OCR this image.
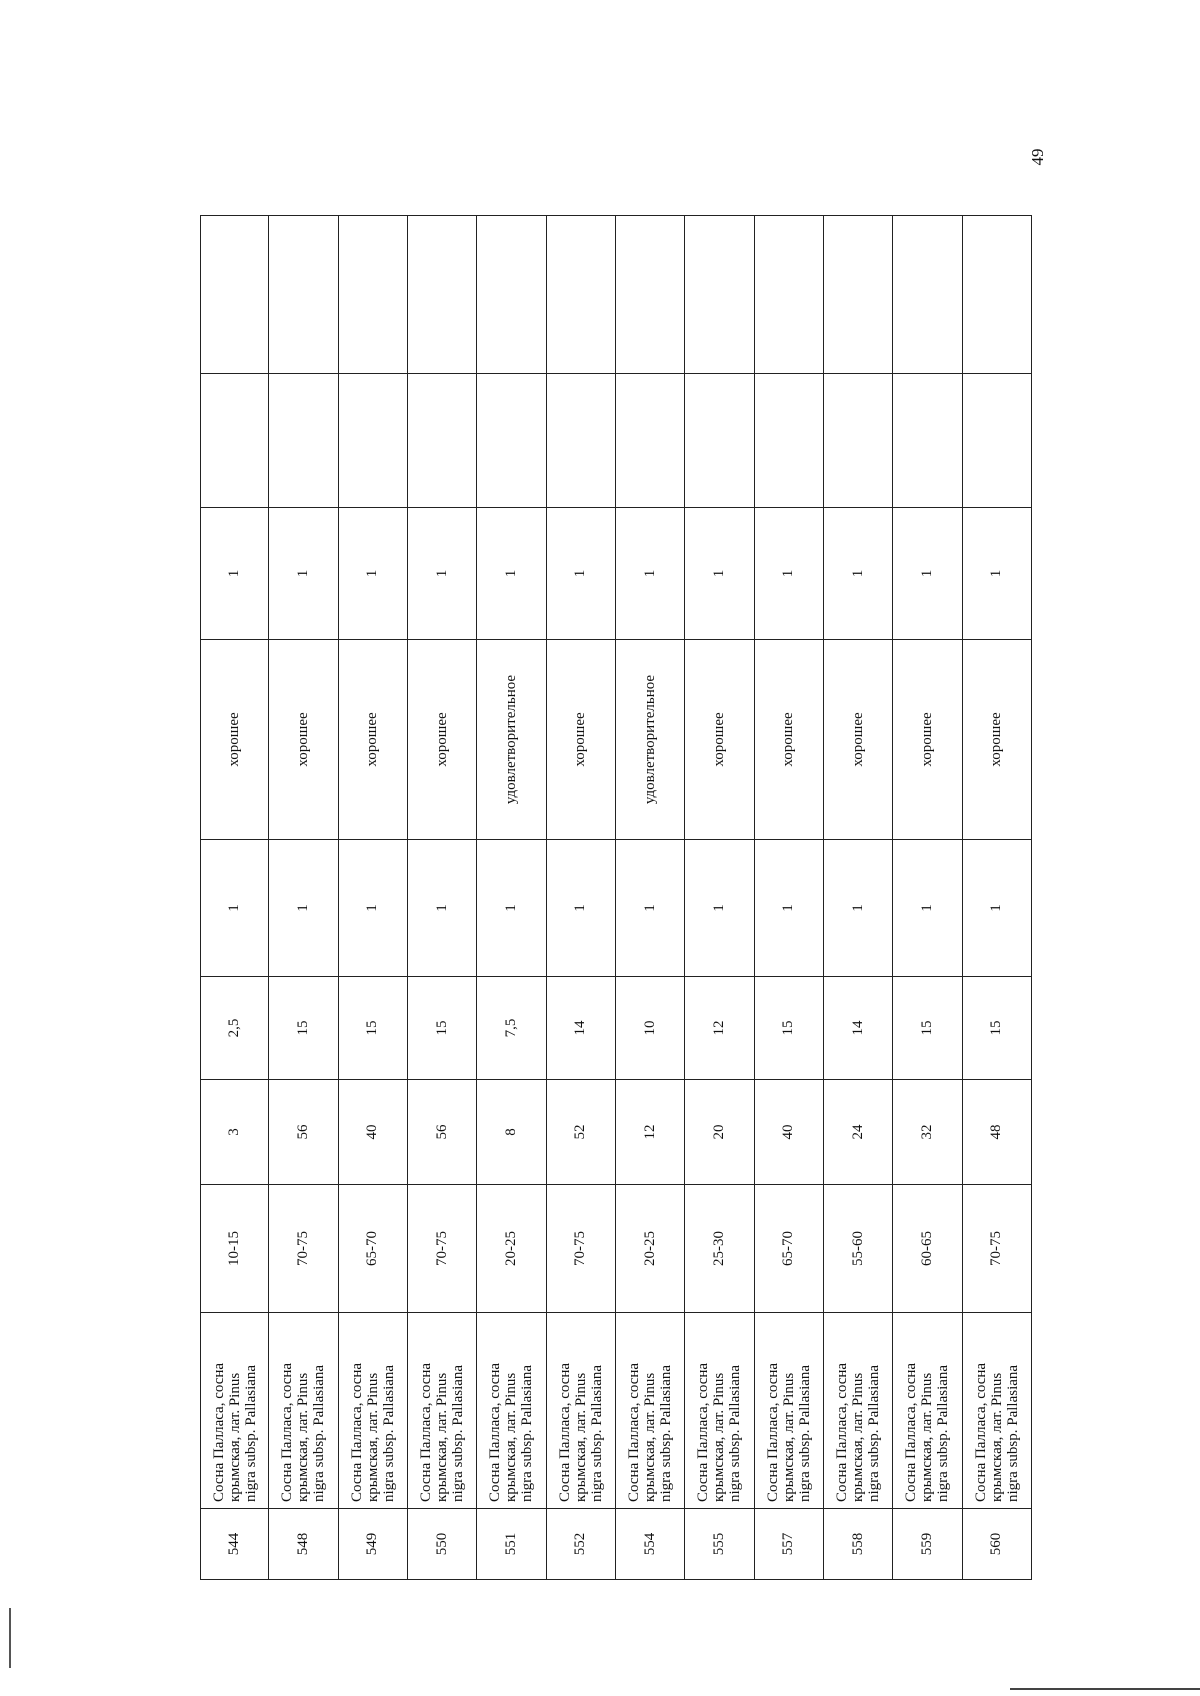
49
544	Сосна Палласа, сосна крымская, лат. Pinus nigra subsp. Pallasiana	10-15	3	2,5	1	хорошее	1		
548	Сосна Палласа, сосна крымская, лат. Pinus nigra subsp. Pallasiana	70-75	56	15	1	хорошее	1		
549	Сосна Палласа, сосна крымская, лат. Pinus nigra subsp. Pallasiana	65-70	40	15	1	хорошее	1		
550	Сосна Палласа, сосна крымская, лат. Pinus nigra subsp. Pallasiana	70-75	56	15	1	хорошее	1		
551	Сосна Палласа, сосна крымская, лат. Pinus nigra subsp. Pallasiana	20-25	8	7,5	1	удовлетворительное	1		
552	Сосна Палласа, сосна крымская, лат. Pinus nigra subsp. Pallasiana	70-75	52	14	1	хорошее	1		
554	Сосна Палласа, сосна крымская, лат. Pinus nigra subsp. Pallasiana	20-25	12	10	1	удовлетворительное	1		
555	Сосна Палласа, сосна крымская, лат. Pinus nigra subsp. Pallasiana	25-30	20	12	1	хорошее	1		
557	Сосна Палласа, сосна крымская, лат. Pinus nigra subsp. Pallasiana	65-70	40	15	1	хорошее	1		
558	Сосна Палласа, сосна крымская, лат. Pinus nigra subsp. Pallasiana	55-60	24	14	1	хорошее	1		
559	Сосна Палласа, сосна крымская, лат. Pinus nigra subsp. Pallasiana	60-65	32	15	1	хорошее	1		
560	Сосна Палласа, сосна крымская, лат. Pinus nigra subsp. Pallasiana	70-75	48	15	1	хорошее	1		
